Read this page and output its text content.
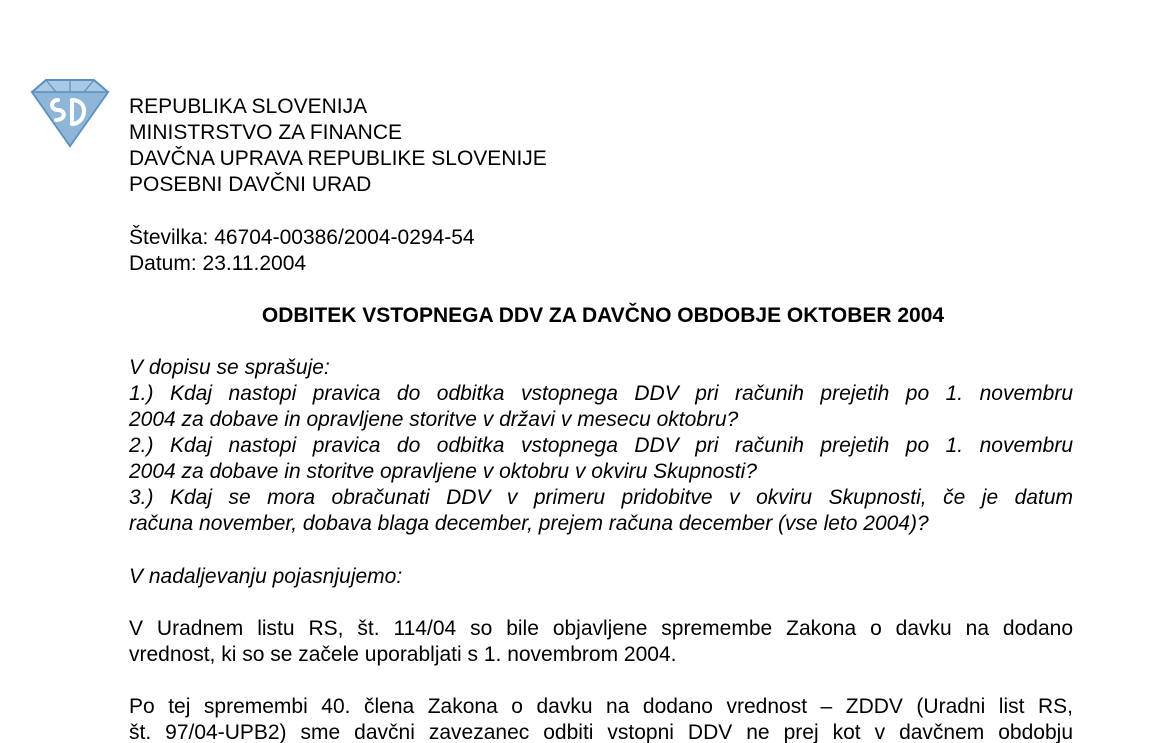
REPUBLIKA SLOVENIJA
MINISTRSTVO ZA FINANCE
DAVČNA UPRAVA REPUBLIKE SLOVENIJE
POSEBNI DAVČNI URAD
Številka: 46704-00386/2004-0294-54
Datum: 23.11.2004
ODBITEK VSTOPNEGA DDV ZA DAVČNO OBDOBJE OKTOBER 2004
V dopisu se sprašuje:
1.) Kdaj nastopi pravica do odbitka vstopnega DDV pri računih prejetih po 1. novembru
2004 za dobave in opravljene storitve v državi v mesecu oktobru?
2.) Kdaj nastopi pravica do odbitka vstopnega DDV pri računih prejetih po 1. novembru
2004 za dobave in storitve opravljene v oktobru v okviru Skupnosti?
3.) Kdaj se mora obračunati DDV v primeru pridobitve v okviru Skupnosti, če je datum
računa november, dobava blaga december, prejem računa december (vse leto 2004)?
V nadaljevanju pojasnjujemo:
V Uradnem listu RS, št. 114/04 so bile objavljene spremembe Zakona o davku na dodano
vrednost, ki so se začele uporabljati s 1. novembrom 2004.
Po tej spremembi 40. člena Zakona o davku na dodano vrednost – ZDDV (Uradni list RS,
št. 97/04-UPB2) sme davčni zavezanec odbiti vstopni DDV ne prej kot v davčnem obdobju
